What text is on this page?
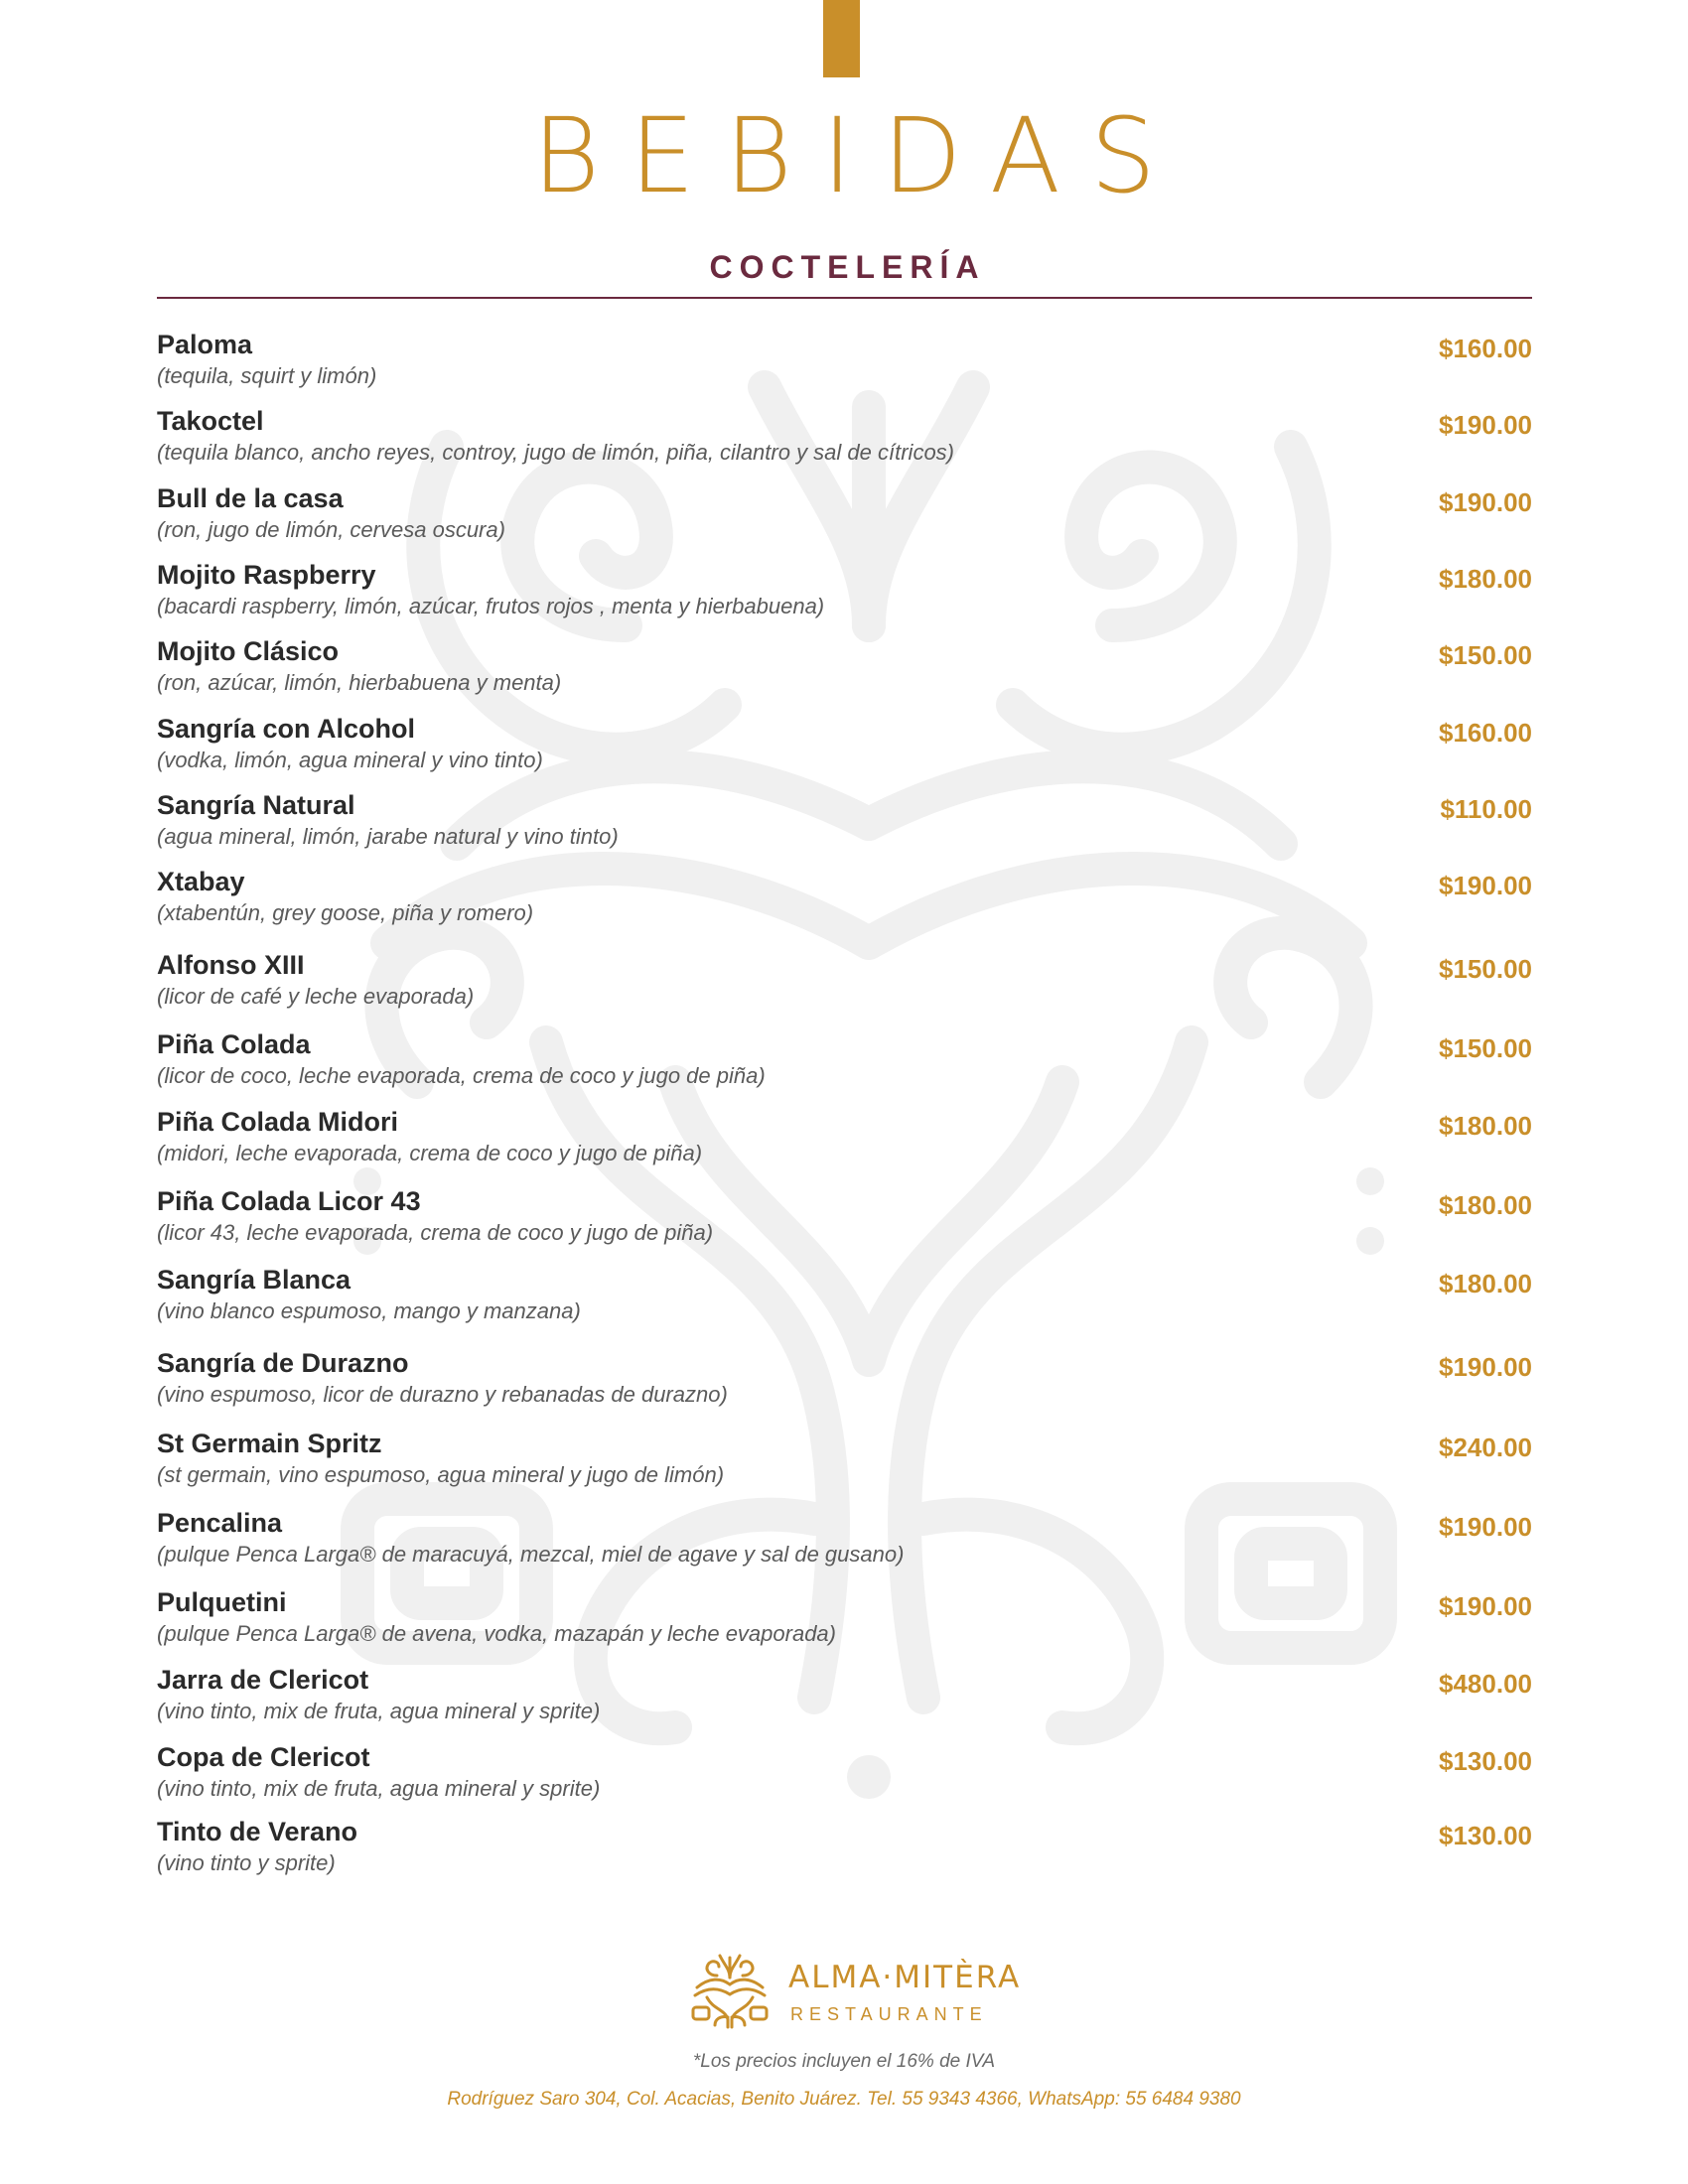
BEBIDAS
COCTELERÍA
Paloma
(tequila, squirt y limón)
$160.00
Takoctel
(tequila blanco, ancho reyes, controy, jugo de limón, piña, cilantro y sal de cítricos)
$190.00
Bull de la casa
(ron, jugo de limón, cervesa oscura)
$190.00
Mojito Raspberry
(bacardi raspberry, limón, azúcar, frutos rojos , menta y hierbabuena)
$180.00
Mojito Clásico
(ron, azúcar, limón, hierbabuena y menta)
$150.00
Sangría con Alcohol
(vodka, limón, agua mineral y vino tinto)
$160.00
Sangría Natural
(agua mineral, limón, jarabe natural y vino tinto)
$110.00
Xtabay
(xtabentún, grey goose, piña y romero)
$190.00
Alfonso XIII
(licor de café y leche evaporada)
$150.00
Piña Colada
(licor de coco, leche evaporada, crema de coco y jugo de piña)
$150.00
Piña Colada Midori
(midori, leche evaporada, crema de coco y jugo de piña)
$180.00
Piña Colada Licor 43
(licor 43, leche evaporada, crema de coco y jugo de piña)
$180.00
Sangría Blanca
(vino blanco espumoso, mango y manzana)
$180.00
Sangría de Durazno
(vino espumoso, licor de durazno y rebanadas de durazno)
$190.00
St Germain Spritz
(st germain, vino espumoso, agua mineral y jugo de limón)
$240.00
Pencalina
(pulque Penca Larga® de maracuyá, mezcal, miel de agave y sal de gusano)
$190.00
Pulquetini
(pulque Penca Larga® de avena, vodka, mazapán y leche evaporada)
$190.00
Jarra de Clericot
(vino tinto, mix de fruta, agua mineral y sprite)
$480.00
Copa de Clericot
(vino tinto, mix de fruta, agua mineral y sprite)
$130.00
Tinto de Verano
(vino tinto y sprite)
$130.00
ALMA·MITÈRA
RESTAURANTE
*Los precios incluyen el 16% de IVA
Rodríguez Saro 304, Col. Acacias, Benito Juárez. Tel. 55 9343 4366, WhatsApp: 55 6484 9380
